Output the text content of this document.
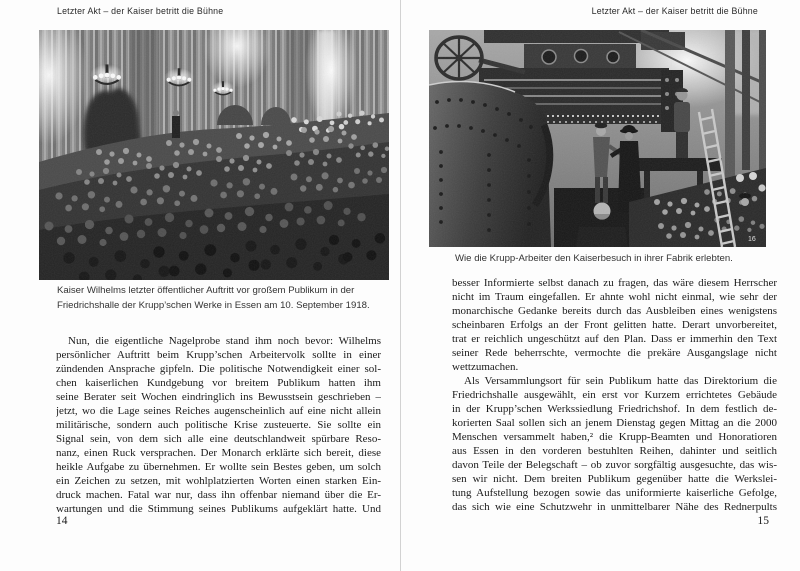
Letzter Akt – der Kaiser betritt die Bühne
Kaiser Wilhelms letzter öffentlicher Auftritt vor großem Publikum in der
Friedrichshalle der Krupp’schen Werke in Essen am 10. September 1918.
Nun, die eigentliche Nagelprobe stand ihm noch bevor: Wilhelms
persönlicher Auftritt beim Krupp’schen Arbeitervolk sollte in einer
zündenden Ansprache gipfeln. Die politische Notwendigkeit einer sol-
chen kaiserlichen Kundgebung vor breitem Publikum hatten ihm
seine Berater seit Wochen eindringlich ins Bewusstsein geschrieben –
jetzt, wo die Lage seines Reiches augenscheinlich auf eine nicht allein
militärische, sondern auch politische Krise zusteuerte. Sie sollte ein
Signal sein, von dem sich alle eine deutschlandweit spürbare Reso-
nanz, einen Ruck versprachen. Der Monarch erklärte sich bereit, diese
heikle Aufgabe zu übernehmen. Er wollte sein Bestes geben, um solch
ein Zeichen zu setzen, mit wohlplatzierten Worten einen starken Ein-
druck machen. Fatal war nur, dass ihn offenbar niemand über die Er-
wartungen und die Stimmung seines Publikums aufgeklärt hatte. Und
14
Letzter Akt – der Kaiser betritt die Bühne
16
Wie die Krupp-Arbeiter den Kaiserbesuch in ihrer Fabrik erlebten.
besser Informierte selbst danach zu fragen, das wäre diesem Herrscher
nicht im Traum eingefallen. Er ahnte wohl nicht einmal, wie sehr der
monarchische Gedanke bereits durch das Ausbleiben eines wenigstens
scheinbaren Erfolgs an der Front gelitten hatte. Derart unvorbereitet,
trat er reichlich ungeschützt auf den Plan. Dass er immerhin den Text
seiner Rede beherrschte, vermochte die prekäre Ausgangslage nicht
wettzumachen.
Als Versammlungsort für sein Publikum hatte das Direktorium die
Friedrichshalle ausgewählt, ein erst vor Kurzem errichtetes Gebäude
in der Krupp’schen Werkssiedlung Friedrichshof. In dem festlich de-
korierten Saal sollen sich an jenem Dienstag gegen Mittag an die 2000
Menschen versammelt haben,² die Krupp-Beamten und Honoratioren
aus Essen in den vorderen bestuhlten Reihen, dahinter und seitlich
davon Teile der Belegschaft – ob zuvor sorgfältig ausgesuchte, das wis-
sen wir nicht. Dem breiten Publikum gegenüber hatte die Werkslei-
tung Aufstellung bezogen sowie das uniformierte kaiserliche Gefolge,
das sich wie eine Schutzwehr in unmittelbarer Nähe des Rednerpults
15
